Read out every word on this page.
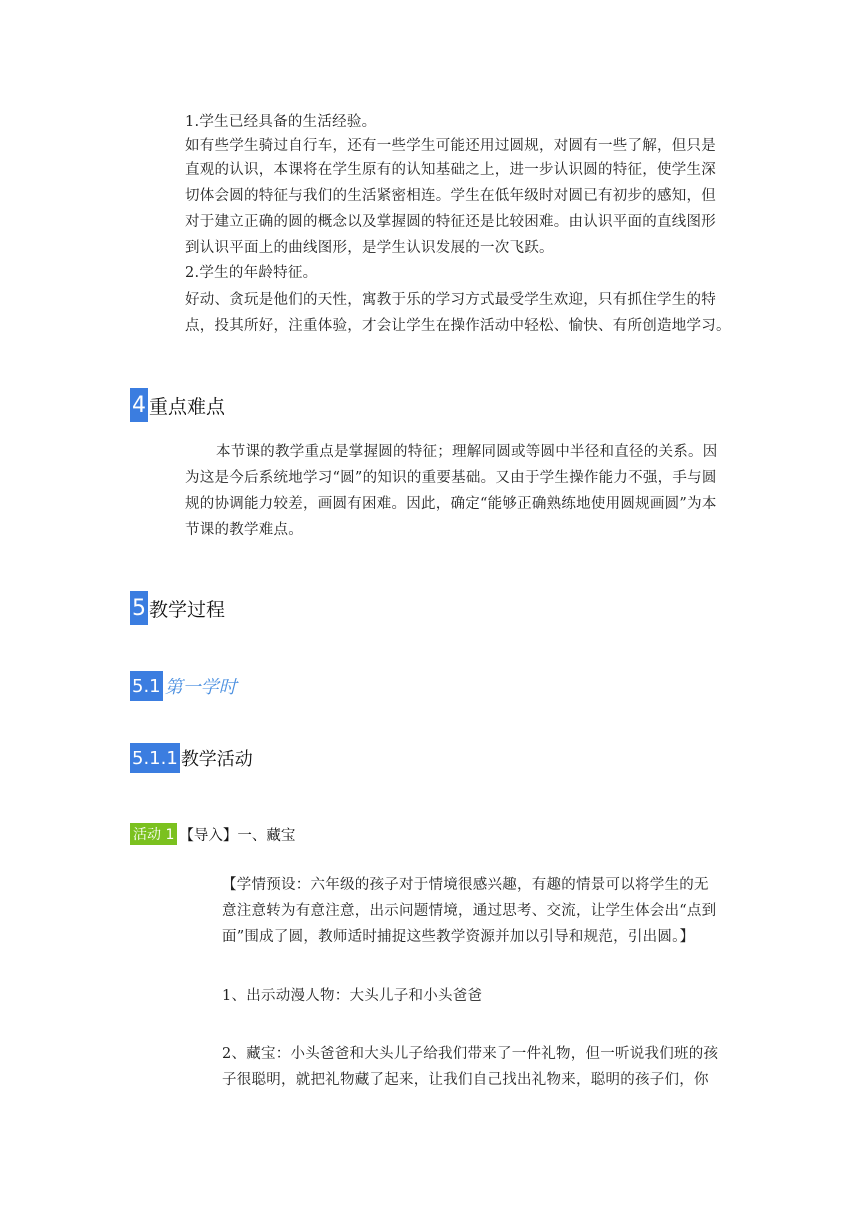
1.学生已经具备的生活经验。
如有些学生骑过自行车，还有一些学生可能还用过圆规，对圆有一些了解，但只是
直观的认识，本课将在学生原有的认知基础之上，进一步认识圆的特征，使学生深
切体会圆的特征与我们的生活紧密相连。学生在低年级时对圆已有初步的感知，但
对于建立正确的圆的概念以及掌握圆的特征还是比较困难。由认识平面的直线图形
到认识平面上的曲线图形，是学生认识发展的一次飞跃。
2.学生的年龄特征。
好动、贪玩是他们的天性，寓教于乐的学习方式最受学生欢迎，只有抓住学生的特
点，投其所好，注重体验，才会让学生在操作活动中轻松、愉快、有所创造地学习。
4 重点难点
本节课的教学重点是掌握圆的特征；理解同圆或等圆中半径和直径的关系。因
为这是今后系统地学习“圆”的知识的重要基础。又由于学生操作能力不强，手与圆
规的协调能力较差，画圆有困难。因此，确定“能够正确熟练地使用圆规画圆”为本
节课的教学难点。
5 教学过程
5.1 第一学时
5.1.1 教学活动
活动 1 【导入】一、藏宝
【学情预设：六年级的孩子对于情境很感兴趣，有趣的情景可以将学生的无
意注意转为有意注意，出示问题情境，通过思考、交流，让学生体会出“点到
面”围成了圆，教师适时捕捉这些教学资源并加以引导和规范，引出圆。】
1、出示动漫人物：大头儿子和小头爸爸
2、藏宝：小头爸爸和大头儿子给我们带来了一件礼物，但一听说我们班的孩
子很聪明，就把礼物藏了起来，让我们自己找出礼物来，聪明的孩子们，你
